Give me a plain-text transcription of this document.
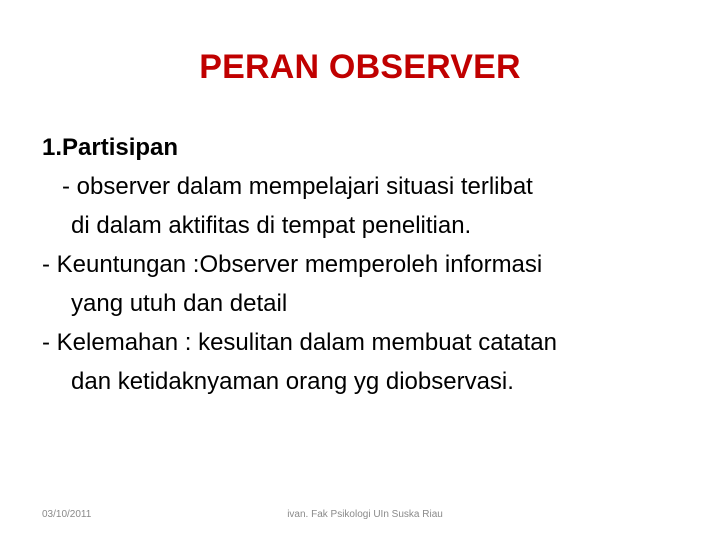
PERAN OBSERVER
1.Partisipan
- observer dalam mempelajari situasi terlibat
di dalam aktifitas di tempat penelitian.
- Keuntungan :Observer memperoleh informasi
yang utuh dan detail
- Kelemahan : kesulitan dalam membuat catatan
dan ketidaknyaman orang yg diobservasi.
03/10/2011	ivan. Fak Psikologi UIn Suska Riau
